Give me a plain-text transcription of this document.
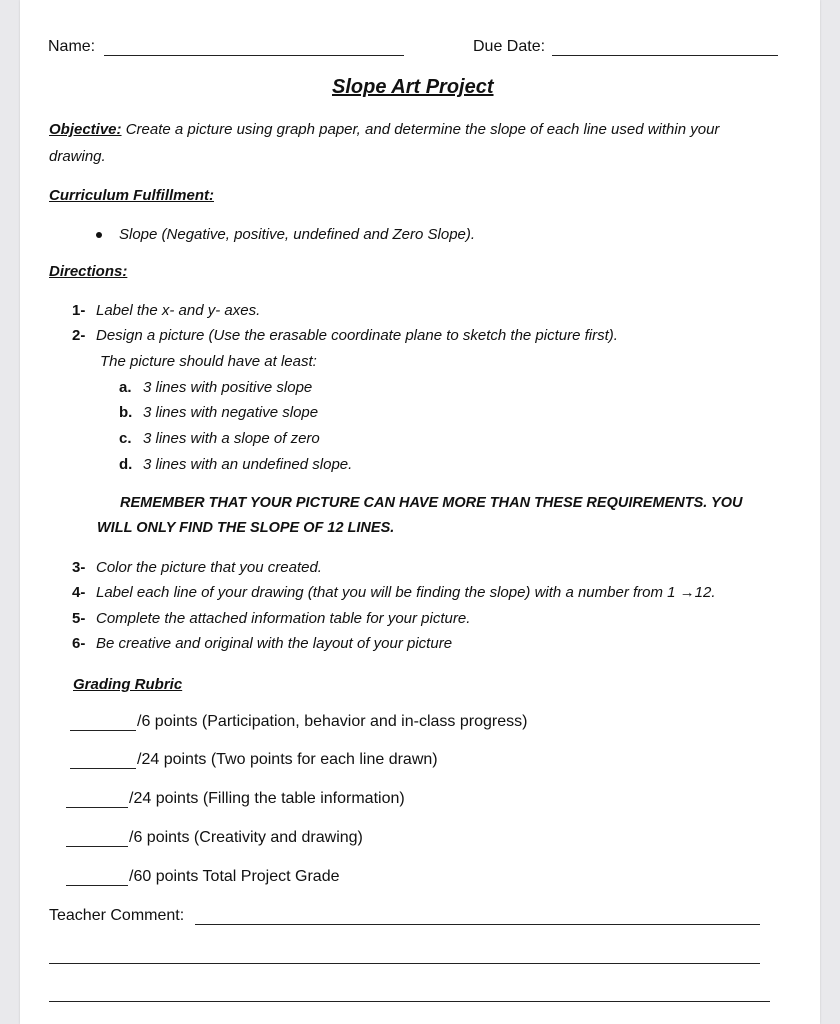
Name:	Due Date:
Slope Art Project
Objective: Create a picture using graph paper, and determine the slope of each line used within your
drawing.
Curriculum Fulfillment:
Slope (Negative, positive, undefined and Zero Slope).
Directions:
1- Label the x- and y- axes.
2- Design a picture (Use the erasable coordinate plane to sketch the picture first).
The picture should have at least:
a. 3 lines with positive slope
b. 3 lines with negative slope
c. 3 lines with a slope of zero
d. 3 lines with an undefined slope.
REMEMBER THAT YOUR PICTURE CAN HAVE MORE THAN THESE REQUIREMENTS. YOU
WILL ONLY FIND THE SLOPE OF 12 LINES.
3- Color the picture that you created.
4- Label each line of your drawing (that you will be finding the slope) with a number from 1 →12.
5- Complete the attached information table for your picture.
6- Be creative and original with the layout of your picture
Grading Rubric
/6 points (Participation, behavior and in-class progress)
/24 points (Two points for each line drawn)
/24 points (Filling the table information)
/6 points (Creativity and drawing)
/60 points Total Project Grade
Teacher Comment:
